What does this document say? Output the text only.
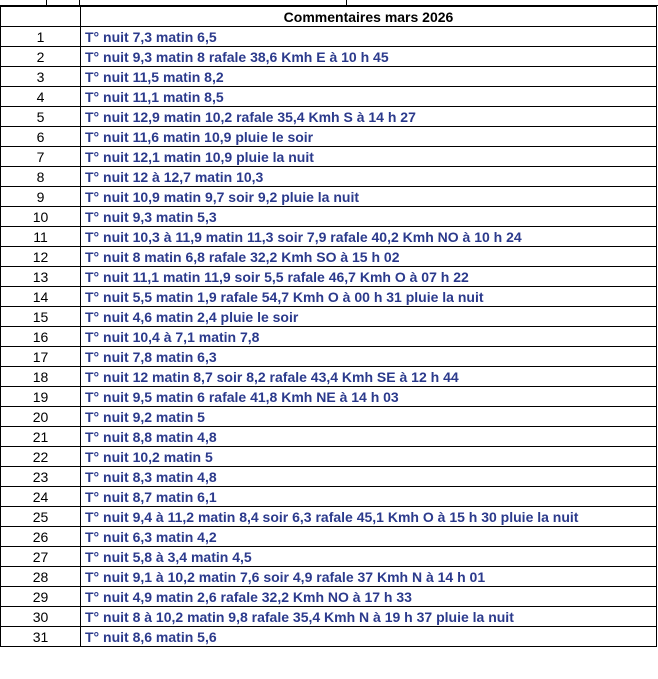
	Commentaires mars 2026
1	T° nuit 7,3 matin 6,5
2	T° nuit 9,3 matin 8 rafale 38,6 Kmh E à 10 h 45
3	T° nuit 11,5 matin 8,2
4	T° nuit 11,1 matin 8,5
5	T° nuit 12,9 matin 10,2 rafale 35,4 Kmh S à 14 h 27
6	T° nuit 11,6 matin 10,9 pluie le soir
7	T° nuit 12,1 matin 10,9 pluie la nuit
8	T° nuit 12 à 12,7 matin 10,3
9	T° nuit 10,9 matin 9,7 soir 9,2 pluie la nuit
10	T° nuit 9,3 matin 5,3
11	T° nuit 10,3 à 11,9 matin 11,3 soir 7,9 rafale 40,2 Kmh NO à 10 h 24
12	T° nuit 8 matin 6,8 rafale 32,2 Kmh SO à 15 h 02
13	T° nuit 11,1 matin 11,9 soir 5,5 rafale 46,7 Kmh O à 07 h 22
14	T° nuit 5,5 matin 1,9 rafale 54,7 Kmh O à 00 h 31 pluie la nuit
15	T° nuit 4,6 matin 2,4 pluie le soir
16	T° nuit 10,4 à 7,1 matin 7,8
17	T° nuit 7,8 matin 6,3
18	T° nuit 12 matin 8,7 soir 8,2 rafale 43,4 Kmh SE à 12 h 44
19	T° nuit 9,5 matin 6 rafale 41,8 Kmh NE à 14 h 03
20	T° nuit 9,2 matin 5
21	T° nuit 8,8 matin 4,8
22	T° nuit 10,2 matin 5
23	T° nuit 8,3 matin 4,8
24	T° nuit 8,7 matin 6,1
25	T° nuit 9,4 à 11,2 matin 8,4 soir 6,3 rafale 45,1 Kmh O à 15 h 30 pluie la nuit
26	T° nuit 6,3 matin 4,2
27	T° nuit 5,8 à 3,4 matin 4,5
28	T° nuit 9,1 à 10,2 matin 7,6 soir 4,9 rafale 37 Kmh N à 14 h 01
29	T° nuit 4,9 matin 2,6 rafale 32,2 Kmh NO à 17 h 33
30	T° nuit 8 à 10,2 matin 9,8 rafale 35,4 Kmh N à 19 h 37 pluie la nuit
31	T° nuit 8,6 matin 5,6
